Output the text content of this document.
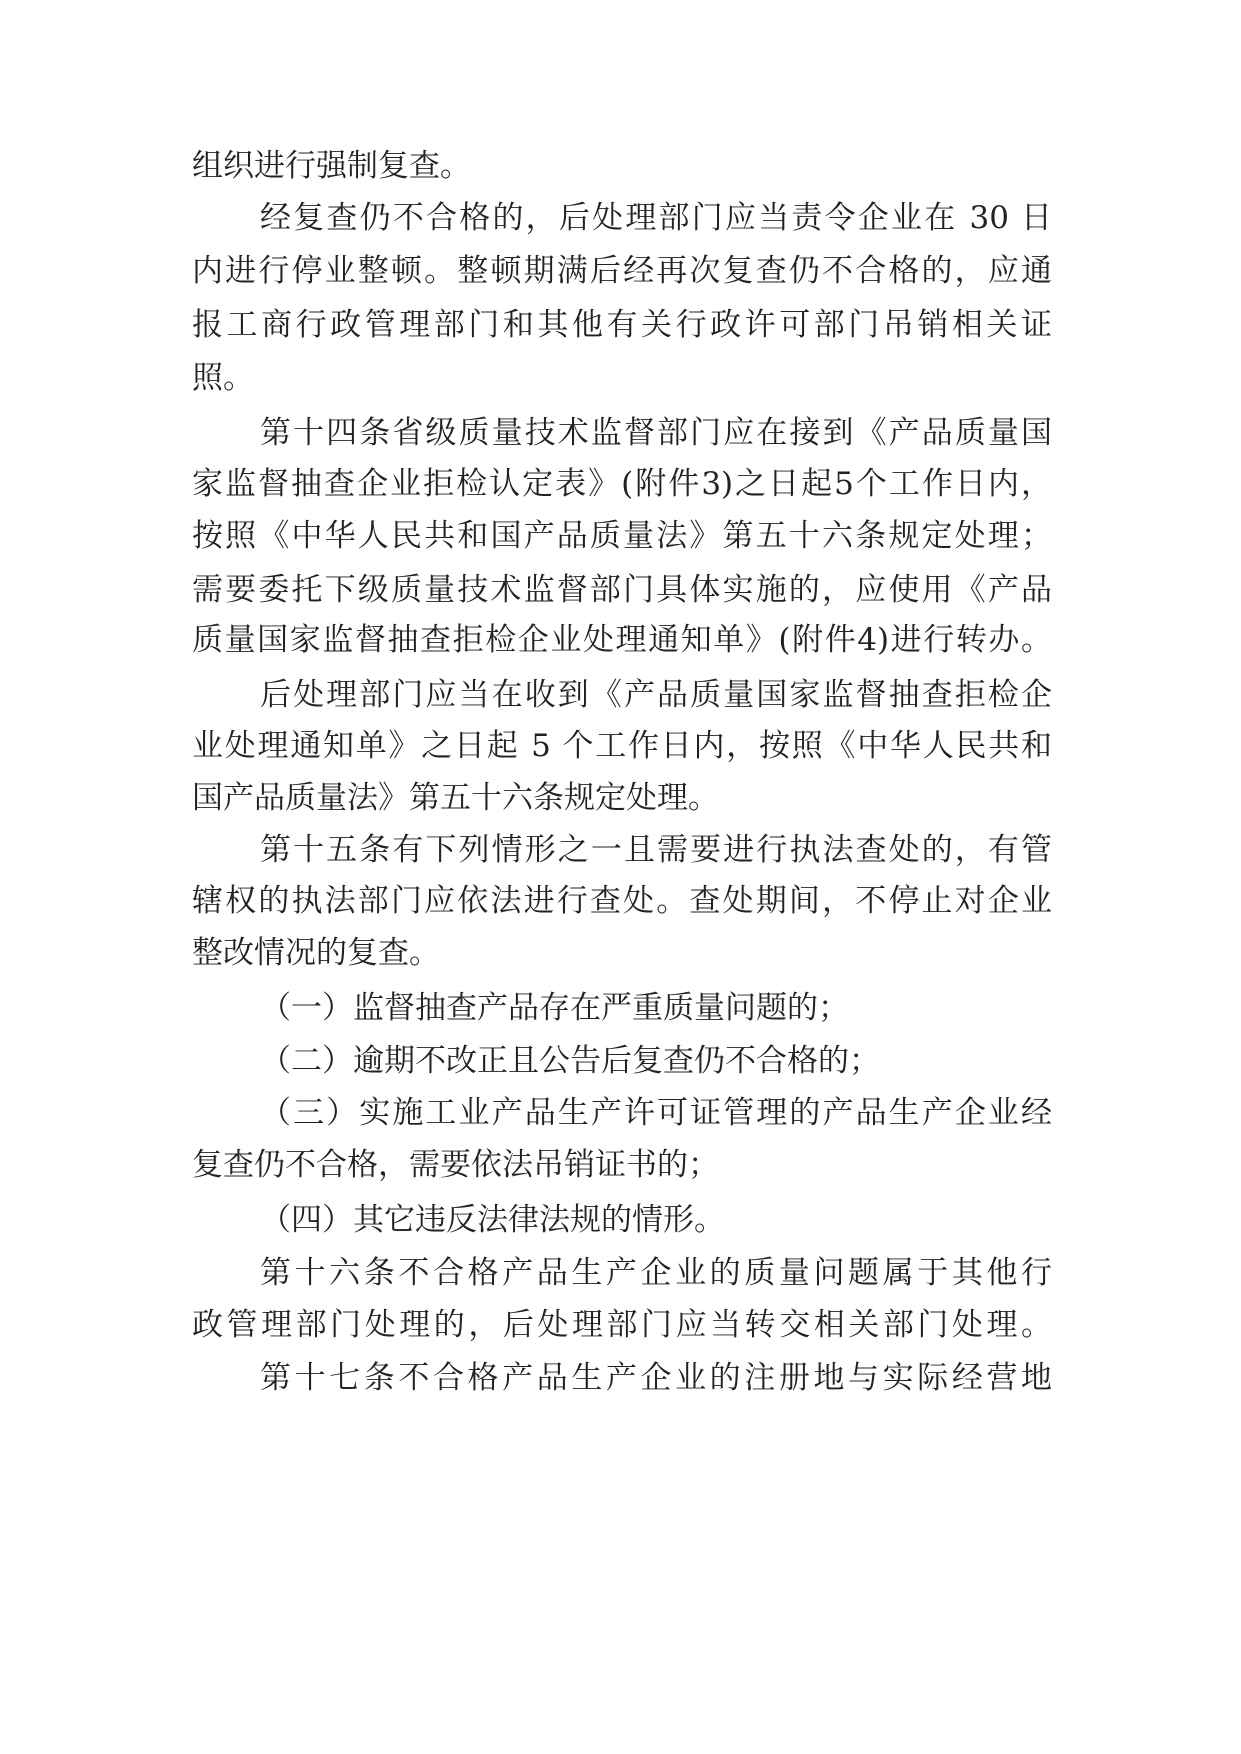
组织进行强制复查。
经复查仍不合格的，后处理部门应当责令企业在 30 日
内进行停业整顿。整顿期满后经再次复查仍不合格的，应通
报工商行政管理部门和其他有关行政许可部门吊销相关证
照。
第十四条省级质量技术监督部门应在接到《产品质量国
家监督抽查企业拒检认定表》(附件3)之日起5个工作日内，
按照《中华人民共和国产品质量法》第五十六条规定处理；
需要委托下级质量技术监督部门具体实施的，应使用《产品
质量国家监督抽查拒检企业处理通知单》(附件4)进行转办。
后处理部门应当在收到《产品质量国家监督抽查拒检企
业处理通知单》之日起 5 个工作日内，按照《中华人民共和
国产品质量法》第五十六条规定处理。
第十五条有下列情形之一且需要进行执法查处的，有管
辖权的执法部门应依法进行查处。查处期间，不停止对企业
整改情况的复查。
（一）监督抽查产品存在严重质量问题的；
（二）逾期不改正且公告后复查仍不合格的；
（三）实施工业产品生产许可证管理的产品生产企业经
复查仍不合格，需要依法吊销证书的；
（四）其它违反法律法规的情形。
第十六条不合格产品生产企业的质量问题属于其他行
政管理部门处理的，后处理部门应当转交相关部门处理。
第十七条不合格产品生产企业的注册地与实际经营地
